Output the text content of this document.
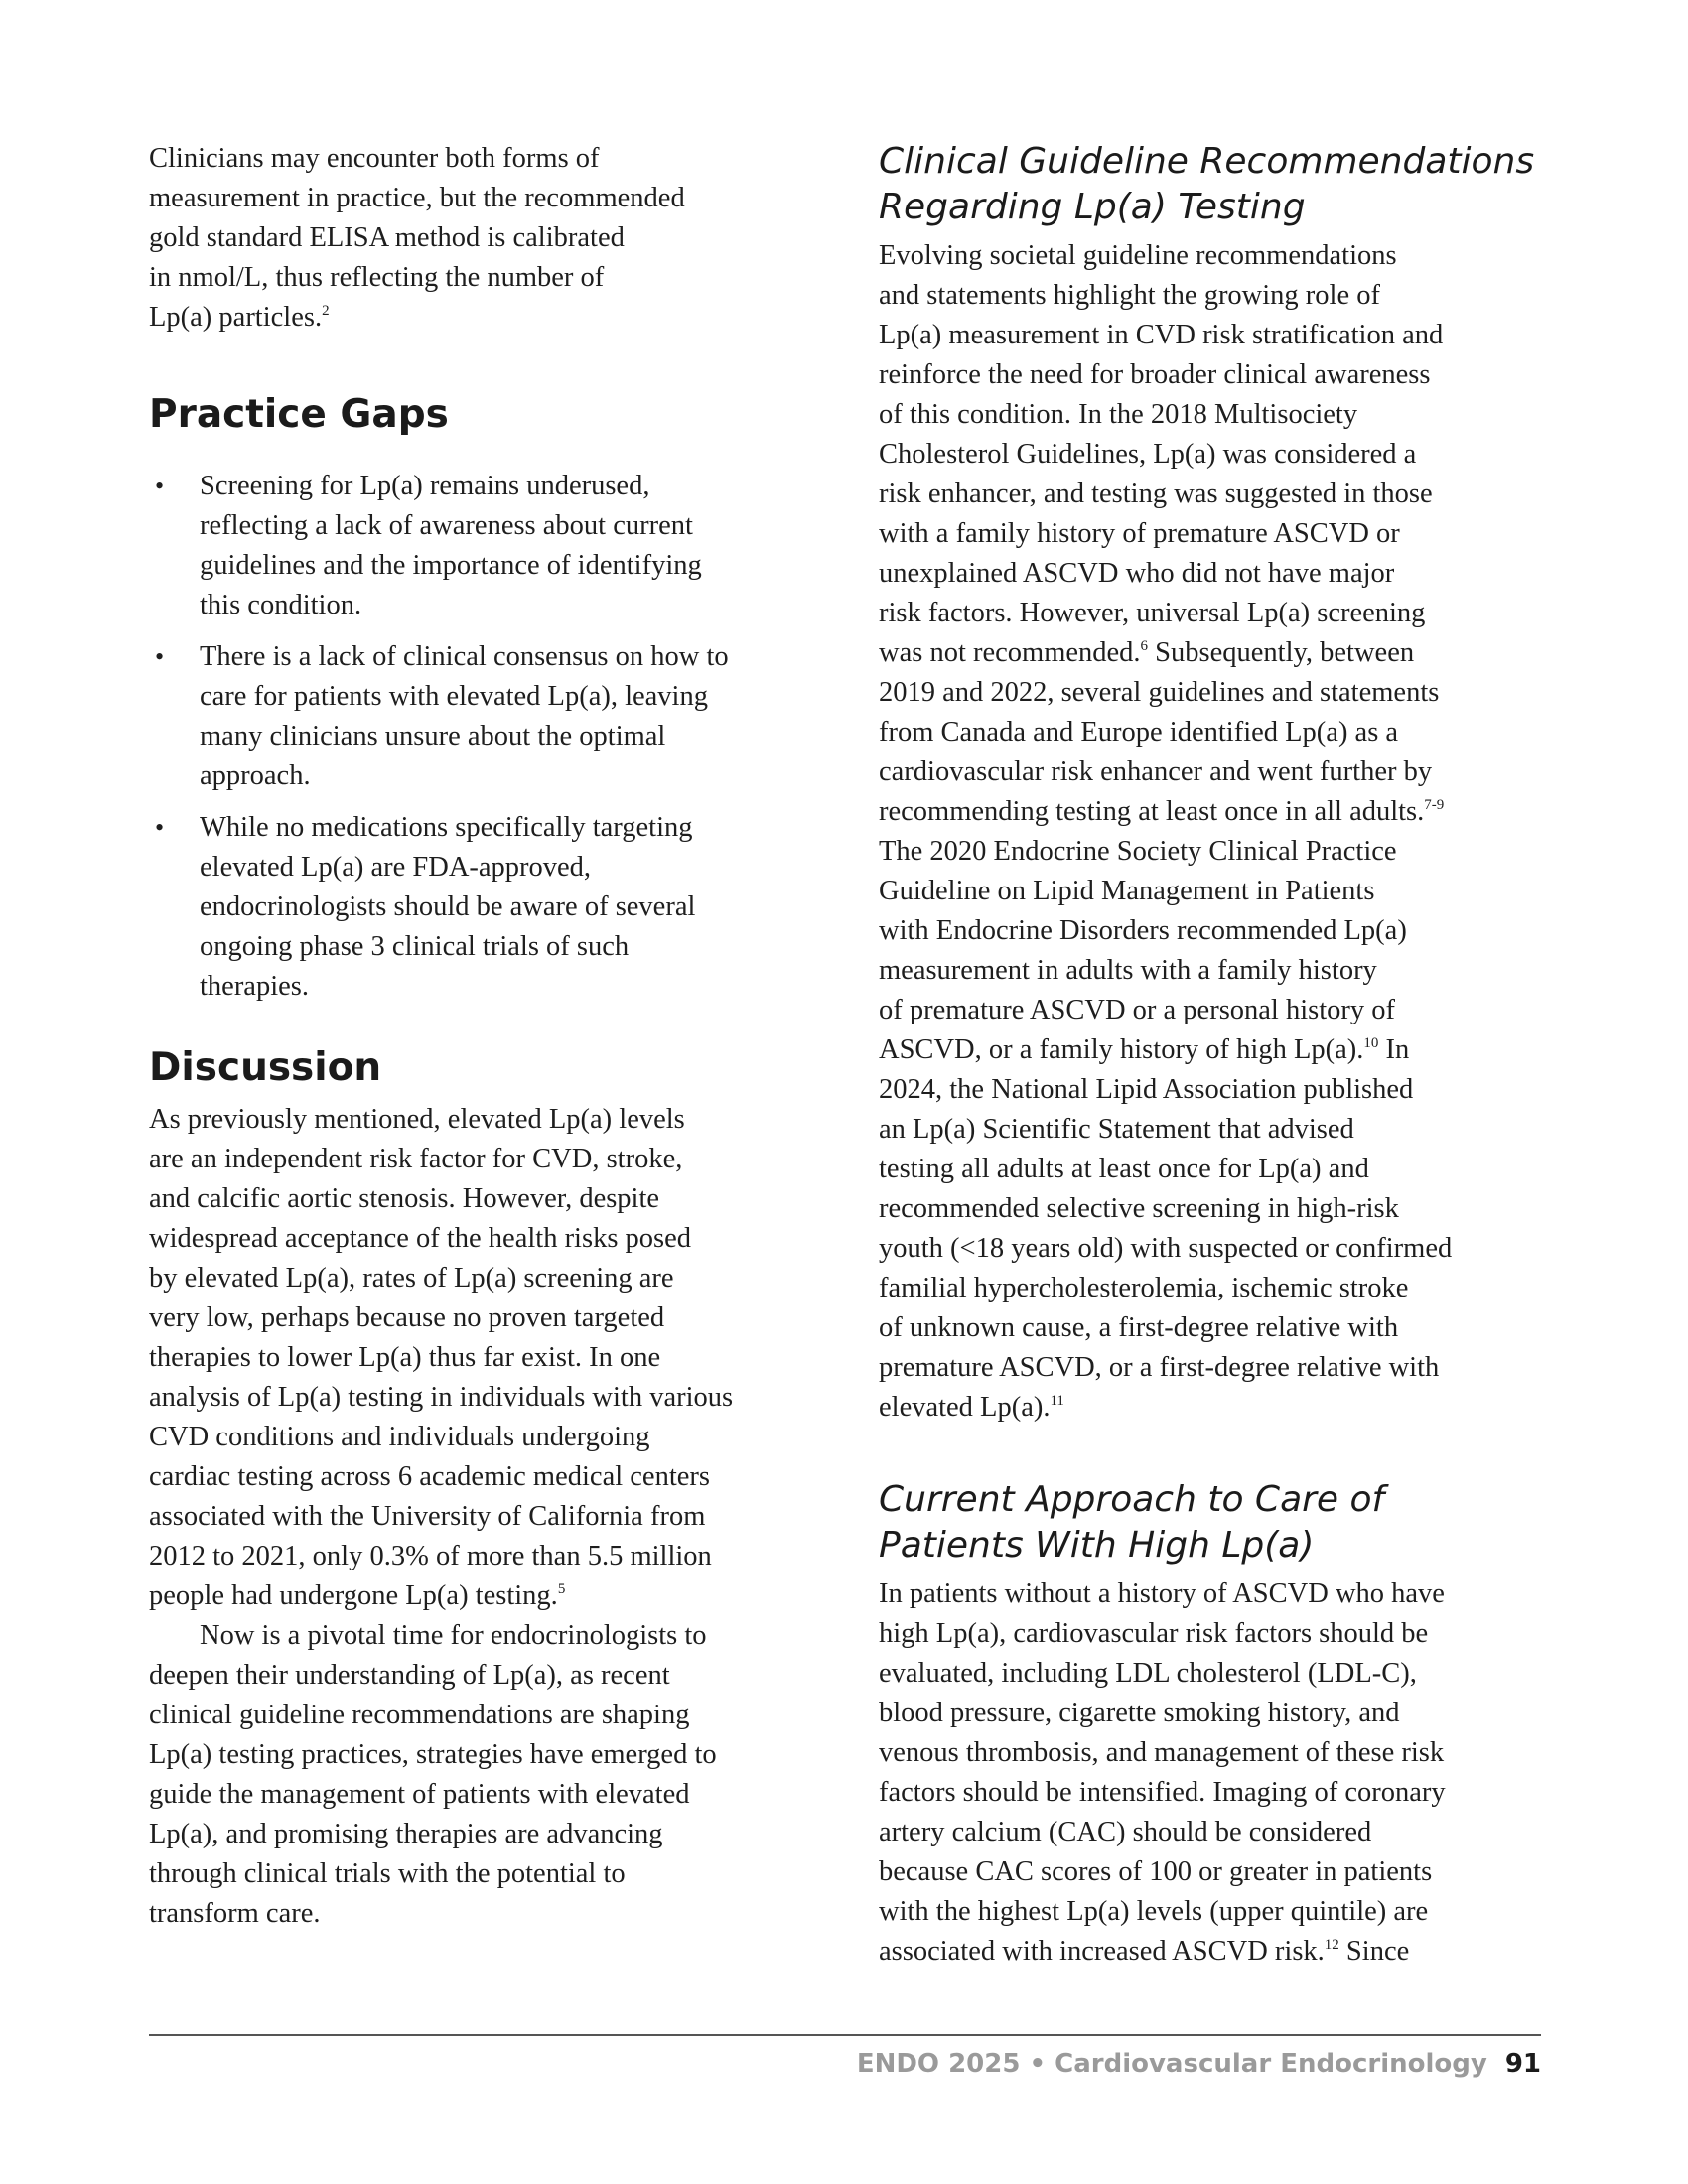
Clinicians may encounter both forms of
measurement in practice, but the recommended
gold standard ELISA method is calibrated
in nmol/L, thus reflecting the number of
Lp(a) particles.$^2$
Practice Gaps
• Screening for Lp(a) remains underused,
reflecting a lack of awareness about current
guidelines and the importance of identifying
this condition.
• There is a lack of clinical consensus on how to
care for patients with elevated Lp(a), leaving
many clinicians unsure about the optimal
approach.
• While no medications specifically targeting
elevated Lp(a) are FDA-approved,
endocrinologists should be aware of several
ongoing phase 3 clinical trials of such
therapies.
Discussion
As previously mentioned, elevated Lp(a) levels
are an independent risk factor for CVD, stroke,
and calcific aortic stenosis. However, despite
widespread acceptance of the health risks posed
by elevated Lp(a), rates of Lp(a) screening are
very low, perhaps because no proven targeted
therapies to lower Lp(a) thus far exist. In one
analysis of Lp(a) testing in individuals with various
CVD conditions and individuals undergoing
cardiac testing across 6 academic medical centers
associated with the University of California from
2012 to 2021, only 0.3% of more than 5.5 million
people had undergone Lp(a) testing.$^5$
Now is a pivotal time for endocrinologists to
deepen their understanding of Lp(a), as recent
clinical guideline recommendations are shaping
Lp(a) testing practices, strategies have emerged to
guide the management of patients with elevated
Lp(a), and promising therapies are advancing
through clinical trials with the potential to
transform care.
Clinical Guideline Recommendations
Regarding Lp(a) Testing
Evolving societal guideline recommendations
and statements highlight the growing role of
Lp(a) measurement in CVD risk stratification and
reinforce the need for broader clinical awareness
of this condition. In the 2018 Multisociety
Cholesterol Guidelines, Lp(a) was considered a
risk enhancer, and testing was suggested in those
with a family history of premature ASCVD or
unexplained ASCVD who did not have major
risk factors. However, universal Lp(a) screening
was not recommended.$^6$ Subsequently, between
2019 and 2022, several guidelines and statements
from Canada and Europe identified Lp(a) as a
cardiovascular risk enhancer and went further by
recommending testing at least once in all adults.$^{7-9}$
The 2020 Endocrine Society Clinical Practice
Guideline on Lipid Management in Patients
with Endocrine Disorders recommended Lp(a)
measurement in adults with a family history
of premature ASCVD or a personal history of
ASCVD, or a family history of high Lp(a).$^{10}$ In
2024, the National Lipid Association published
an Lp(a) Scientific Statement that advised
testing all adults at least once for Lp(a) and
recommended selective screening in high-risk
youth (<18 years old) with suspected or confirmed
familial hypercholesterolemia, ischemic stroke
of unknown cause, a first-degree relative with
premature ASCVD, or a first-degree relative with
elevated Lp(a).$^{11}$
Current Approach to Care of
Patients With High Lp(a)
In patients without a history of ASCVD who have
high Lp(a), cardiovascular risk factors should be
evaluated, including LDL cholesterol (LDL-C),
blood pressure, cigarette smoking history, and
venous thrombosis, and management of these risk
factors should be intensified. Imaging of coronary
artery calcium (CAC) should be considered
because CAC scores of 100 or greater in patients
with the highest Lp(a) levels (upper quintile) are
associated with increased ASCVD risk.$^{12}$ Since
ENDO 2025 • Cardiovascular Endocrinology 91
